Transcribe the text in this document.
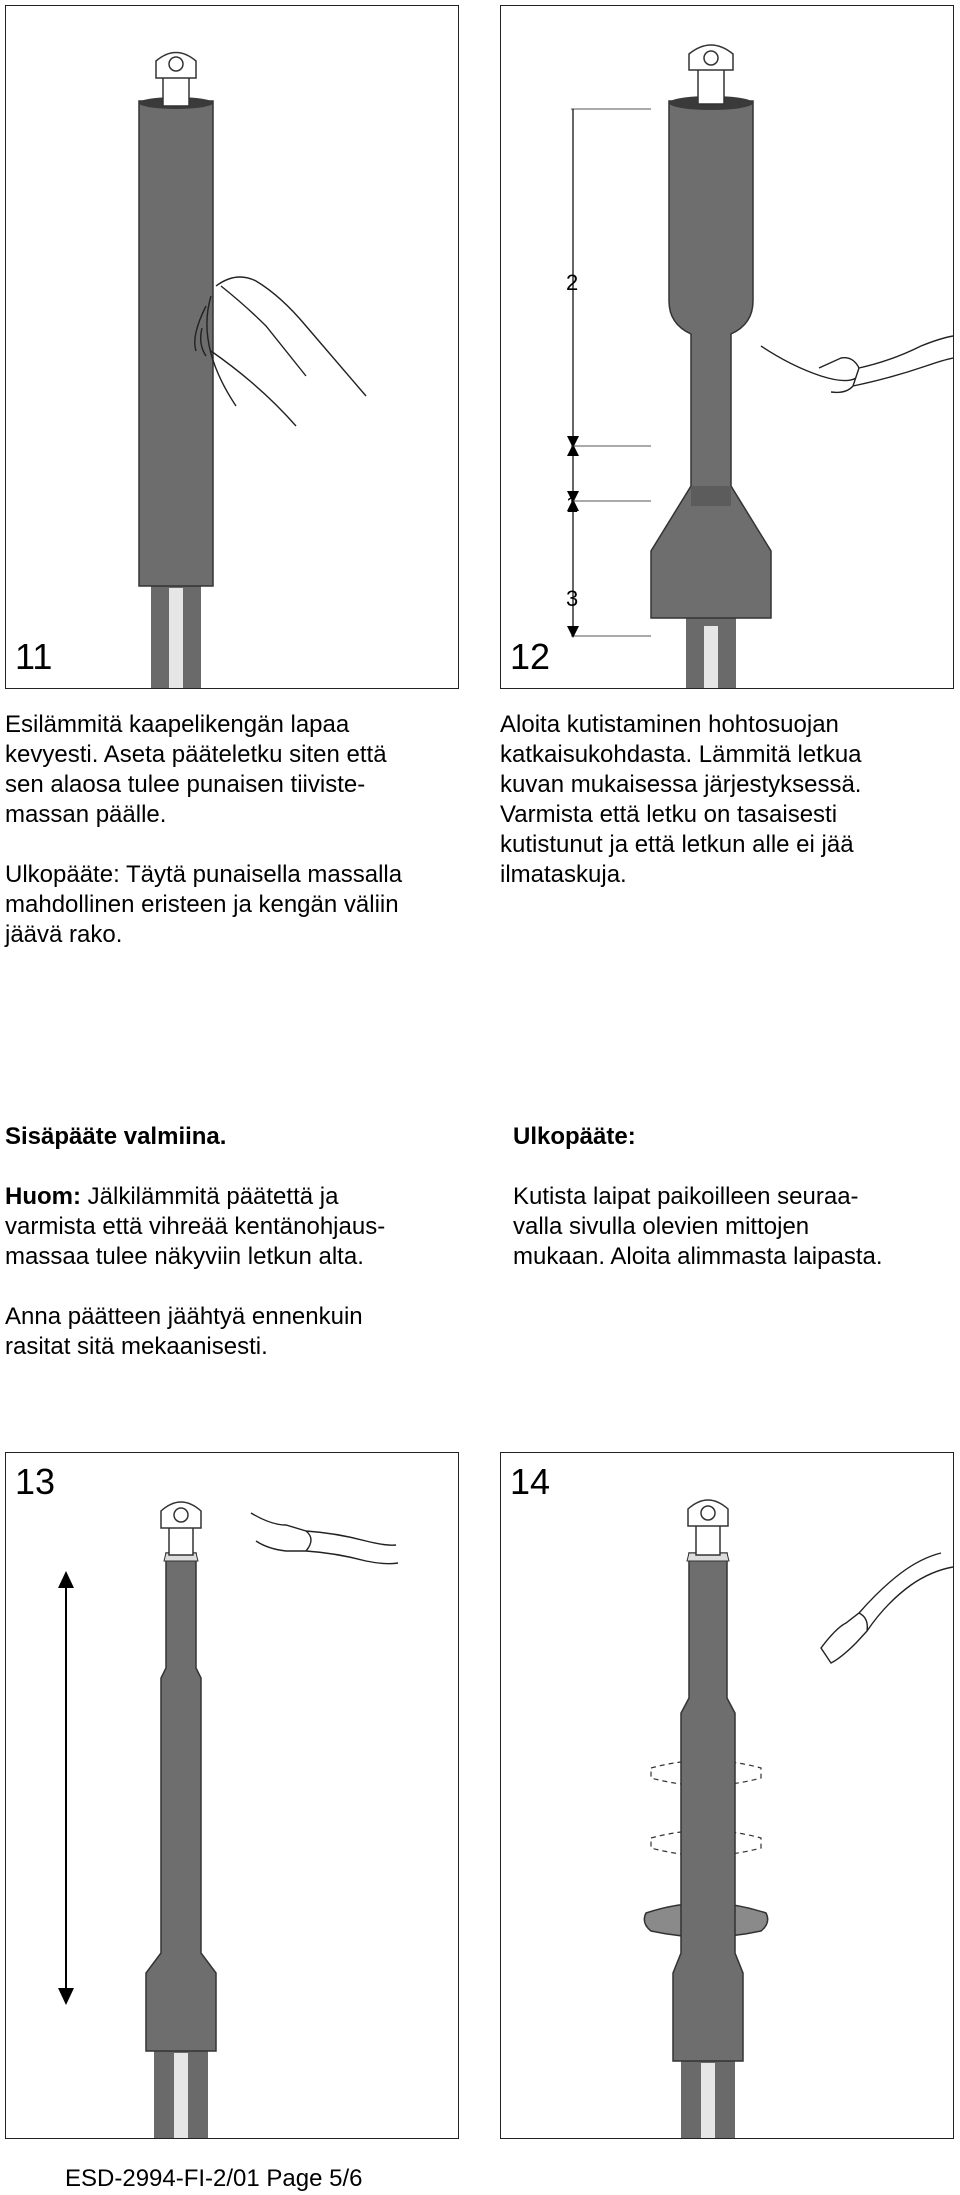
11
2
1
3
12

Esilämmitä kaapelikengän lapaa

kevyesti. Aseta pääteletku siten että

sen alaosa tulee punaisen tiiviste-

massan päälle.

Ulkopääte: Täytä punaisella massalla

mahdollinen eristeen ja kengän väliin

jäävä rako.

Aloita kutistaminen hohtosuojan

katkaisukohdasta. Lämmitä letkua

kuvan mukaisessa järjestyksessä.

Varmista että letku on tasaisesti

kutistunut ja että letkun alle ei jää

ilmataskuja.

Sisäpääte valmiina.

Huom: Jälkilämmitä päätettä ja

varmista että vihreää kentänohjaus-

massaa tulee näkyviin letkun alta.

Anna päätteen jäähtyä ennenkuin

rasitat sitä mekaanisesti.

Ulkopääte:

Kutista laipat paikoilleen seuraa-

valla sivulla olevien mittojen

mukaan. Aloita alimmasta laipasta.

13	14
ESD-2994-FI-2/01 Page 5/6
